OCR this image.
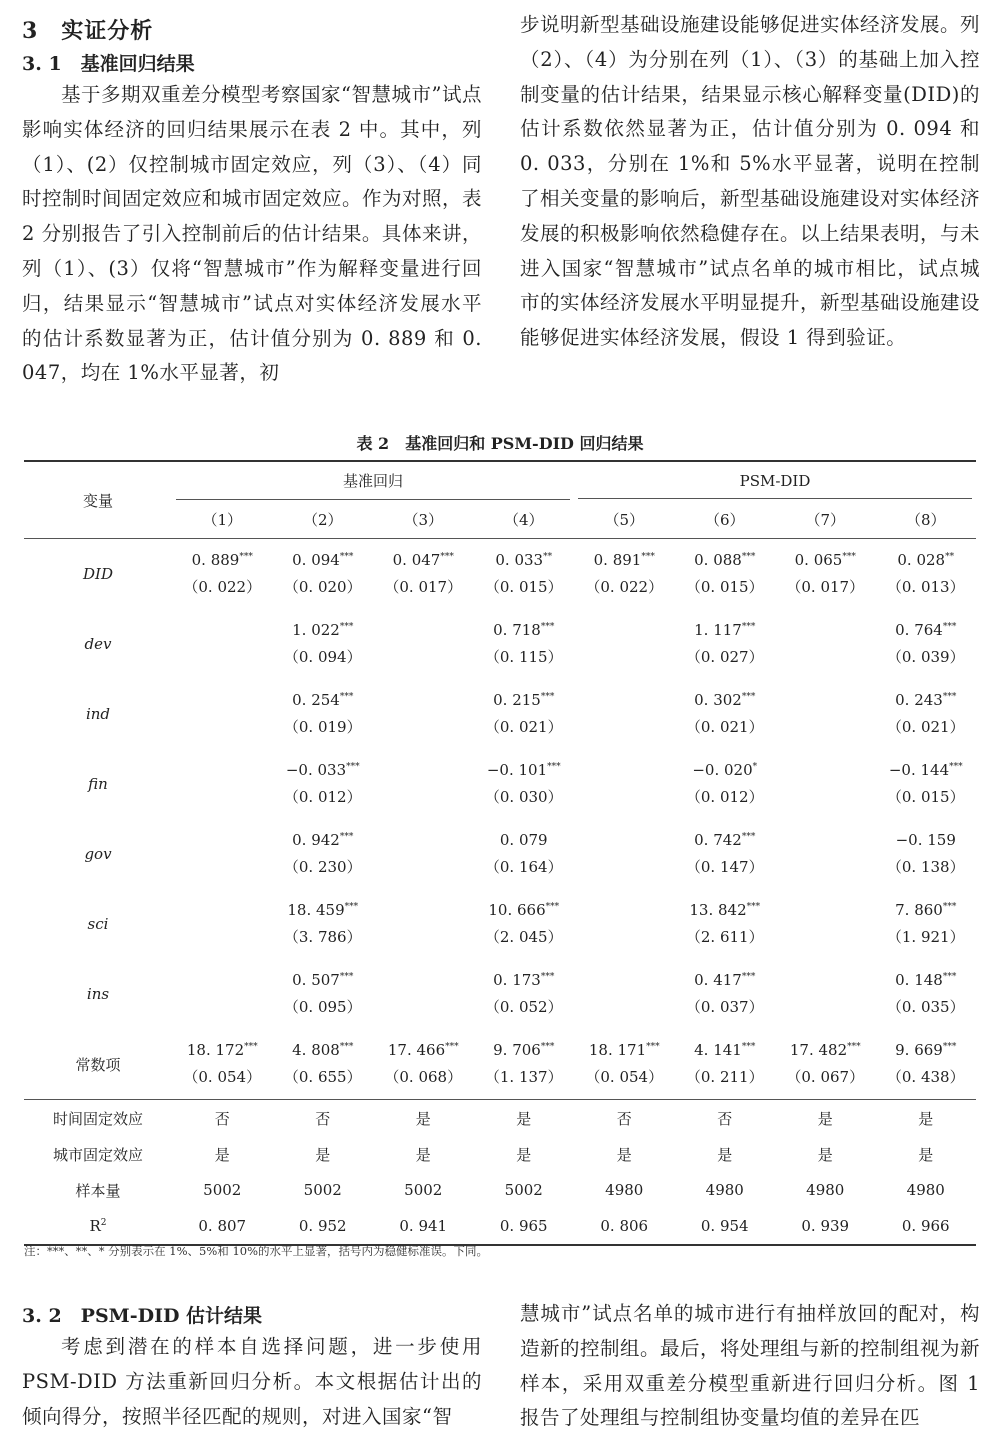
3　实证分析
3. 1　基准回归结果

基于多期双重差分模型考察国家“智慧城市”试点影响实体经济的回归结果展示在表 2 中。其中，列（1）、(2）仅控制城市固定效应，列（3）、（4）同时控制时间固定效应和城市固定效应。作为对照，表 2 分别报告了引入控制前后的估计结果。具体来讲，列（1）、(3）仅将“智慧城市”作为解释变量进行回归，结果显示“智慧城市”试点对实体经济发展水平的估计系数显著为正，估计值分别为 0. 889 和 0. 047，均在 1%水平显著，初

步说明新型基础设施建设能够促进实体经济发展。列（2）、（4）为分别在列（1）、（3）的基础上加入控制变量的估计结果，结果显示核心解释变量(DID)的估计系数依然显著为正，估计值分别为 0. 094 和 0. 033，分别在 1%和 5%水平显著，说明在控制了相关变量的影响后，新型基础设施建设对实体经济发展的积极影响依然稳健存在。以上结果表明，与未进入国家“智慧城市”试点名单的城市相比，试点城市的实体经济发展水平明显提升，新型基础设施建设能够促进实体经济发展，假设 1 得到验证。

表 2　基准回归和 PSM-DID 回归结果
变量	基准回归				PSM-DID			

	（1）	（2）	（3）	（4）	（5）	（6）	（7）	（8）
DID	0. 889***	0. 094***	0. 047***	0. 033**	0. 891***	0. 088***	0. 065***	0. 028**
	（0. 022）	（0. 020）	（0. 017）	（0. 015）	（0. 022）	（0. 015）	（0. 017）	（0. 013）
dev		1. 022***		0. 718***		1. 117***		0. 764***
		（0. 094）		（0. 115）		（0. 027）		（0. 039）
ind		0. 254***		0. 215***		0. 302***		0. 243***
		（0. 019）		（0. 021）		（0. 021）		（0. 021）
fin		−0. 033***		−0. 101***		−0. 020*		−0. 144***
		（0. 012）		（0. 030）		（0. 012）		（0. 015）
gov		0. 942***		0. 079		0. 742***		−0. 159
		（0. 230）		（0. 164）		（0. 147）		（0. 138）
sci		18. 459***		10. 666***		13. 842***		7. 860***
		（3. 786）		（2. 045）		（2. 611）		（1. 921）
ins		0. 507***		0. 173***		0. 417***		0. 148***
		（0. 095）		（0. 052）		（0. 037）		（0. 035）
常数项	18. 172***	4. 808***	17. 466***	9. 706***	18. 171***	4. 141***	17. 482***	9. 669***
	（0. 054）	（0. 655）	（0. 068）	（1. 137）	（0. 054）	（0. 211）	（0. 067）	（0. 438）
时间固定效应	否	否	是	是	否	否	是	是
城市固定效应	是	是	是	是	是	是	是	是
样本量	5002	5002	5002	5002	4980	4980	4980	4980
$R^2$	0. 807	0. 952	0. 941	0. 965	0. 806	0. 954	0. 939	0. 966
注：***、**、* 分别表示在 1%、5%和 10%的水平上显著，括号内为稳健标准误。下同。
3. 2　PSM-DID 估计结果

考虑到潜在的样本自选择问题，进一步使用 PSM-DID 方法重新回归分析。本文根据估计出的倾向得分，按照半径匹配的规则，对进入国家“智

慧城市”试点名单的城市进行有抽样放回的配对，构造新的控制组。最后，将处理组与新的控制组视为新样本，采用双重差分模型重新进行回归分析。图 1 报告了处理组与控制组协变量均值的差异在匹
